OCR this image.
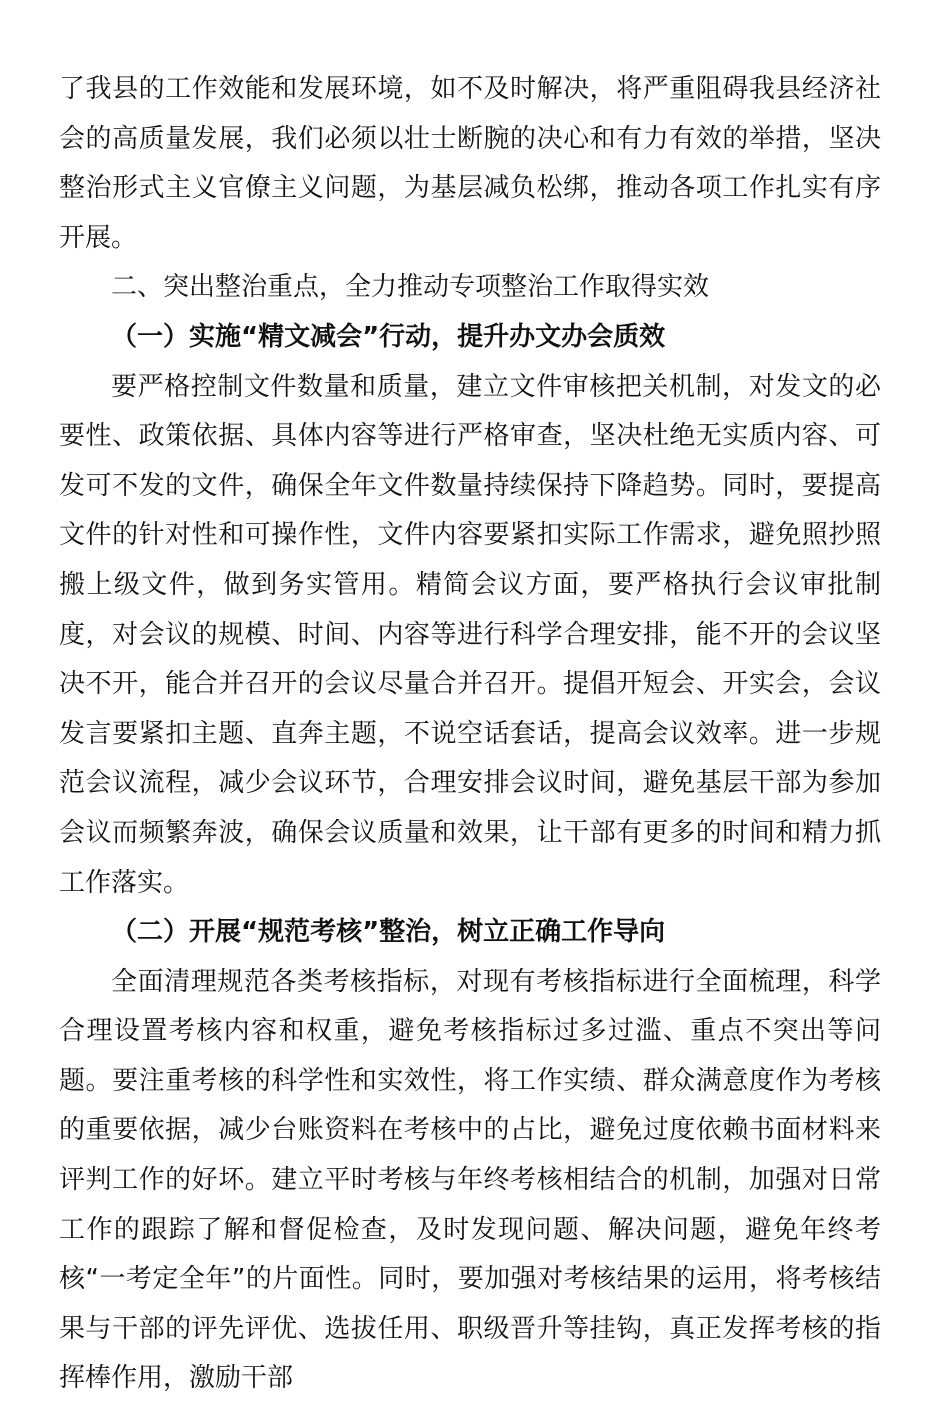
了我县的工作效能和发展环境，如不及时解决，将严重阻碍我县经济社会的高质量发展，我们必须以壮士断腕的决心和有力有效的举措，坚决整治形式主义官僚主义问题，为基层减负松绑，推动各项工作扎实有序开展。

二、突出整治重点，全力推动专项整治工作取得实效

（一）实施“精文减会”行动，提升办文办会质效

要严格控制文件数量和质量，建立文件审核把关机制，对发文的必要性、政策依据、具体内容等进行严格审查，坚决杜绝无实质内容、可发可不发的文件，确保全年文件数量持续保持下降趋势。同时，要提高文件的针对性和可操作性，文件内容要紧扣实际工作需求，避免照抄照搬上级文件，做到务实管用。精简会议方面，要严格执行会议审批制度，对会议的规模、时间、内容等进行科学合理安排，能不开的会议坚决不开，能合并召开的会议尽量合并召开。提倡开短会、开实会，会议发言要紧扣主题、直奔主题，不说空话套话，提高会议效率。进一步规范会议流程，减少会议环节，合理安排会议时间，避免基层干部为参加会议而频繁奔波，确保会议质量和效果，让干部有更多的时间和精力抓工作落实。

（二）开展“规范考核”整治，树立正确工作导向

全面清理规范各类考核指标，对现有考核指标进行全面梳理，科学合理设置考核内容和权重，避免考核指标过多过滥、重点不突出等问题。要注重考核的科学性和实效性，将工作实绩、群众满意度作为考核的重要依据，减少台账资料在考核中的占比，避免过度依赖书面材料来评判工作的好坏。建立平时考核与年终考核相结合的机制，加强对日常工作的跟踪了解和督促检查，及时发现问题、解决问题，避免年终考核“一考定全年”的片面性。同时，要加强对考核结果的运用，将考核结果与干部的评先评优、选拔任用、职级晋升等挂钩，真正发挥考核的指挥棒作用，激励干部
